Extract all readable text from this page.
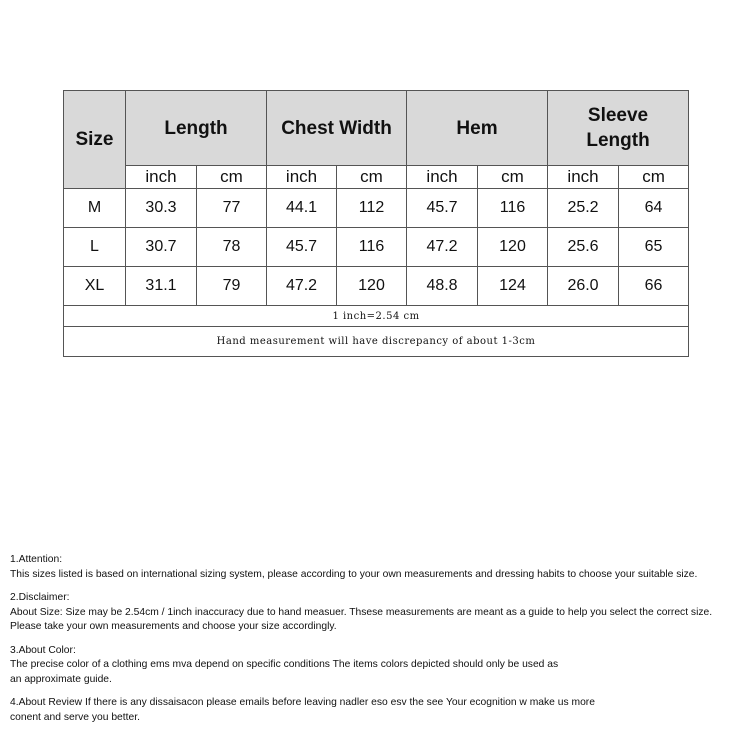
Size	Length		Chest Width		Hem		Sleeve
Length	
	inch	cm	inch	cm	inch	cm	inch	cm
M	30.3	77	44.1	112	45.7	116	25.2	64
L	30.7	78	45.7	116	47.2	120	25.6	65
XL	31.1	79	47.2	120	48.8	124	26.0	66
1 inch=2.54 cm								
Hand measurement will have discrepancy of about 1-3cm								
1.Attention:
This sizes listed is based on international sizing system, please according to your own measurements and dressing habits to choose your suitable size.
2.Disclaimer:
About Size: Size may be 2.54cm / 1inch inaccuracy due to hand measuer. Thsese measurements are meant as a guide to help you select the correct size.
Please take your own measurements and choose your size accordingly.
3.About Color:
The precise color of a clothing ems mva depend on specific conditions The items colors depicted should only be used as
an approximate guide.
4.About Review If there is any dissaisacon please emails before leaving nadler eso esv the see Your ecognition w make us more
conent and serve you better.
